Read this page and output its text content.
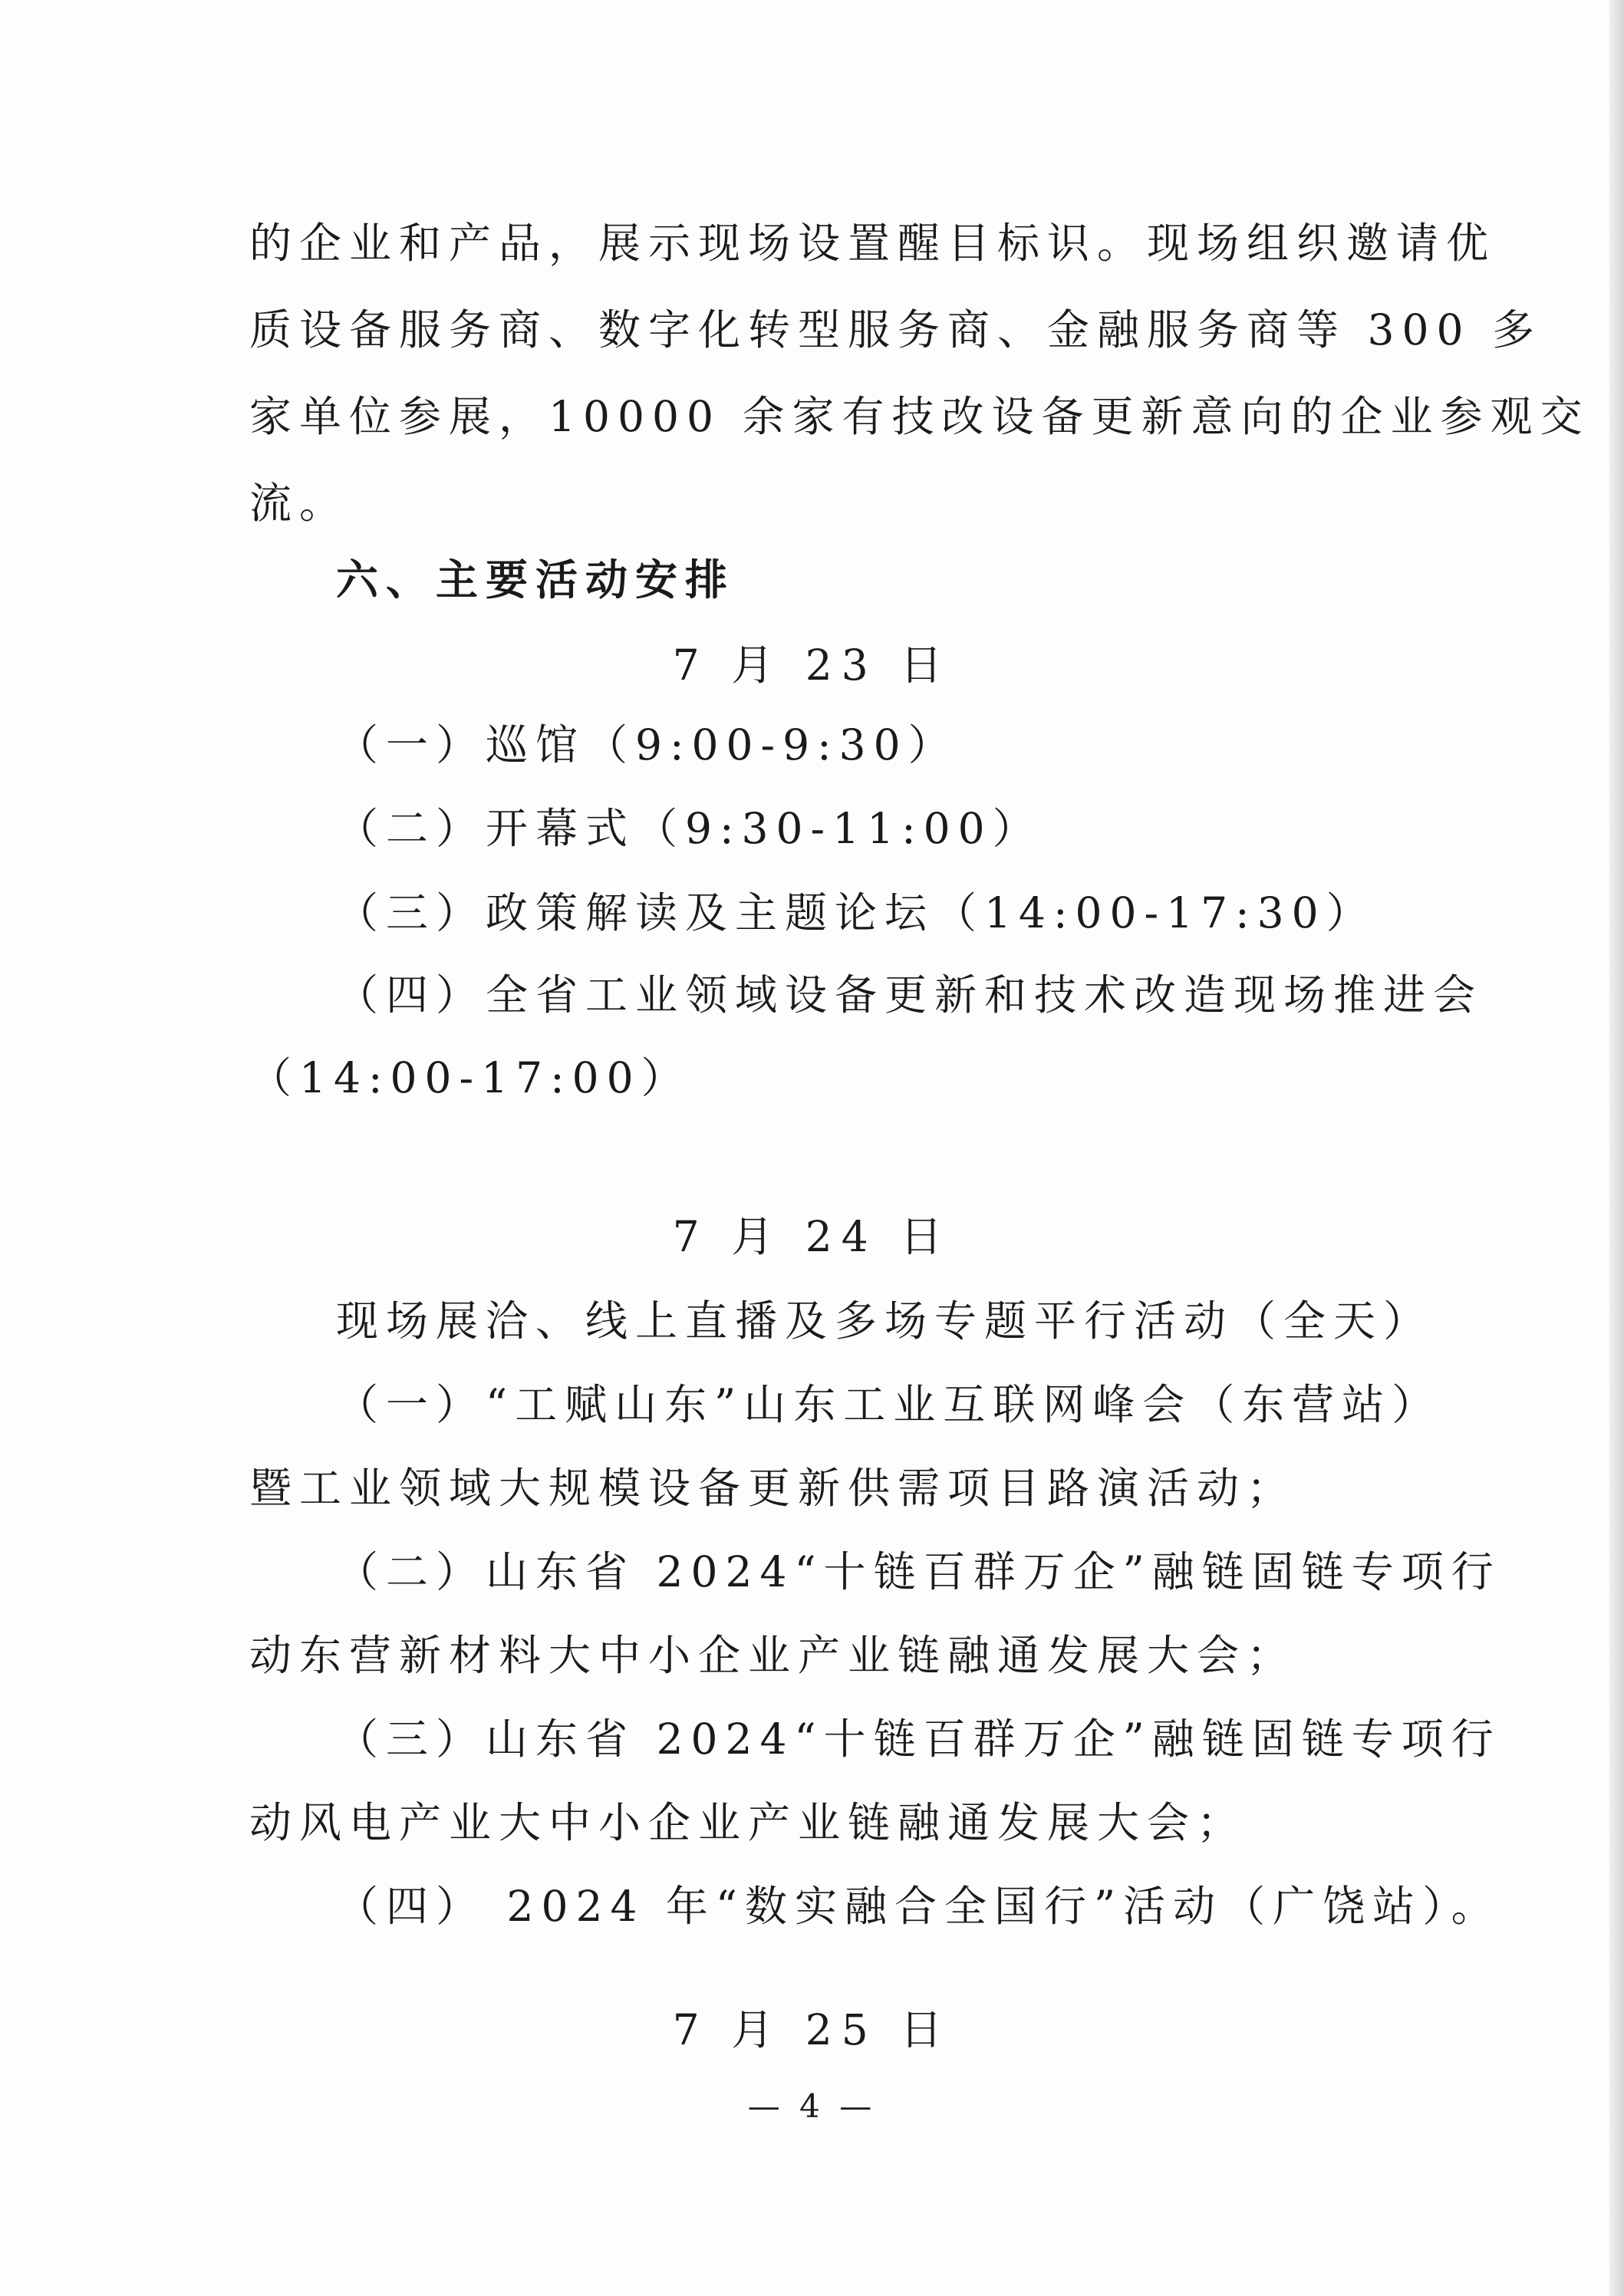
的企业和产品，展示现场设置醒目标识。现场组织邀请优

质设备服务商、数字化转型服务商、金融服务商等 300 多

家单位参展，10000 余家有技改设备更新意向的企业参观交

流。

六、主要活动安排

7 月 23 日

（一）巡馆（9:00-9:30）

（二）开幕式（9:30-11:00）

（三）政策解读及主题论坛（14:00-17:30）

（四）全省工业领域设备更新和技术改造现场推进会

（14:00-17:00）

7 月 24 日

现场展洽、线上直播及多场专题平行活动（全天）

（一）“工赋山东”山东工业互联网峰会（东营站）

暨工业领域大规模设备更新供需项目路演活动；

（二）山东省 2024“十链百群万企”融链固链专项行

动东营新材料大中小企业产业链融通发展大会；

（三）山东省 2024“十链百群万企”融链固链专项行

动风电产业大中小企业产业链融通发展大会；

（四） 2024 年“数实融合全国行”活动（广饶站）。

7 月 25 日

— 4 —
